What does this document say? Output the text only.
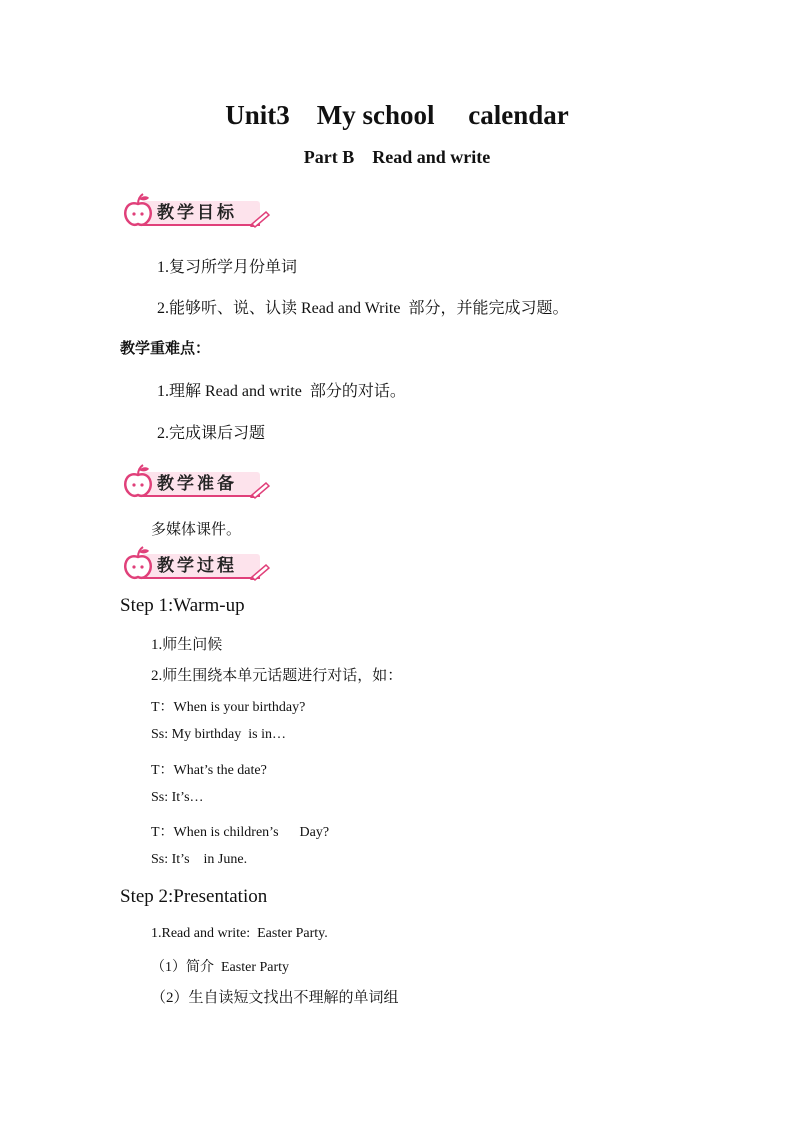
Unit3    My school     calendar
Part B    Read and write
教学目标
1.复习所学月份单词
2.能够听、说、认读 Read and Write  部分，并能完成习题。
教学重难点：
1.理解 Read and write  部分的对话。
2.完成课后习题
教学准备
多媒体课件。
教学过程
Step 1:Warm-up
1.师生问候
2.师生围绕本单元话题进行对话，如：
T：When is your birthday?
Ss: My birthday  is in…
T：What’s the date?
Ss: It’s…
T：When is children’s      Day?
Ss: It’s    in June.
Step 2:Presentation
1.Read and write:  Easter Party.
（1）简介  Easter Party
（2）生自读短文找出不理解的单词组
